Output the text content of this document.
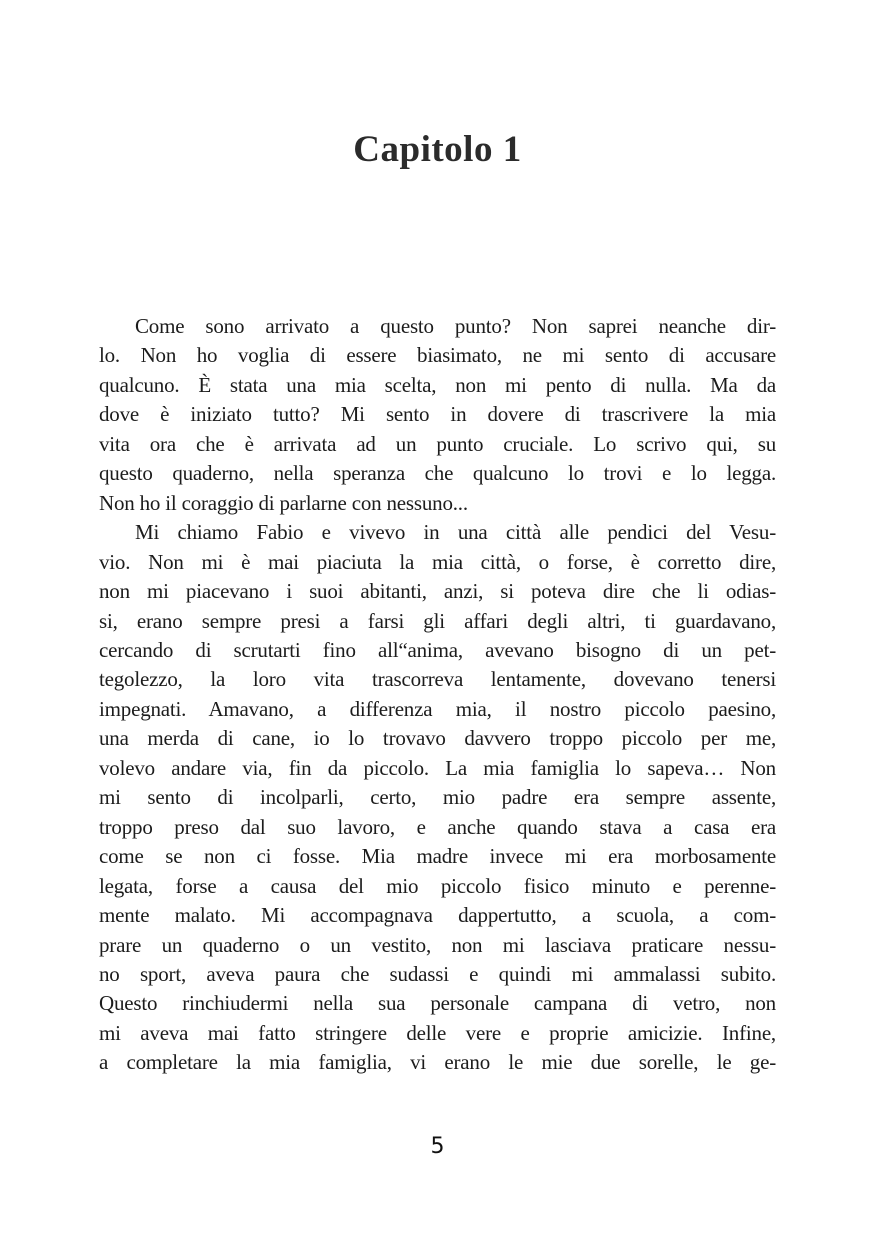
Capitolo 1
Come sono arrivato a questo punto? Non saprei neanche dir-
lo. Non ho voglia di essere biasimato, ne mi sento di accusare
qualcuno. È stata una mia scelta, non mi pento di nulla. Ma da
dove è iniziato tutto? Mi sento in dovere di trascrivere la mia
vita ora che è arrivata ad un punto cruciale. Lo scrivo qui, su
questo quaderno, nella speranza che qualcuno lo trovi e lo legga.
Non ho il coraggio di parlarne con nessuno...
Mi chiamo Fabio e vivevo in una città alle pendici del Vesu-
vio. Non mi è mai piaciuta la mia città, o forse, è corretto dire,
non mi piacevano i suoi abitanti, anzi, si poteva dire che li odias-
si, erano sempre presi a farsi gli affari degli altri, ti guardavano,
cercando di scrutarti fino all“anima, avevano bisogno di un pet-
tegolezzo, la loro vita trascorreva lentamente, dovevano tenersi
impegnati. Amavano, a differenza mia, il nostro piccolo paesino,
una merda di cane, io lo trovavo davvero troppo piccolo per me,
volevo andare via, fin da piccolo. La mia famiglia lo sapeva… Non
mi sento di incolparli, certo, mio padre era sempre assente,
troppo preso dal suo lavoro, e anche quando stava a casa era
come se non ci fosse. Mia madre invece mi era morbosamente
legata, forse a causa del mio piccolo fisico minuto e perenne-
mente malato. Mi accompagnava dappertutto, a scuola, a com-
prare un quaderno o un vestito, non mi lasciava praticare nessu-
no sport, aveva paura che sudassi e quindi mi ammalassi subito.
Questo rinchiudermi nella sua personale campana di vetro, non
mi aveva mai fatto stringere delle vere e proprie amicizie. Infine,
a completare la mia famiglia, vi erano le mie due sorelle, le ge-
5
